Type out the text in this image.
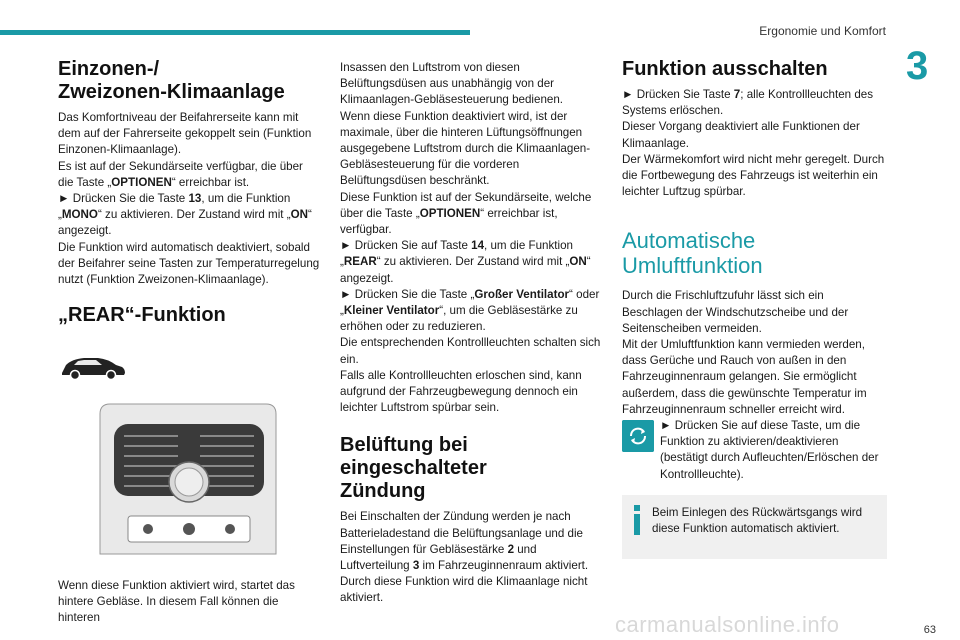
Ergonomie und Komfort
3
Einzonen-/
Zweizonen-Klimaanlage

Das Komfortniveau der Beifahrerseite kann mit dem auf der Fahrerseite gekoppelt sein (Funktion Einzonen-Klimaanlage).

Es ist auf der Sekundärseite verfügbar, die über die Taste „OPTIONEN“ erreichbar ist.

► Drücken Sie die Taste 13, um die Funktion „MONO“ zu aktivieren. Der Zustand wird mit „ON“ angezeigt.

Die Funktion wird automatisch deaktiviert, sobald der Beifahrer seine Tasten zur Temperaturregelung nutzt (Funktion Zweizonen-Klimaanlage).

„REAR“-Funktion

Wenn diese Funktion aktiviert wird, startet das hintere Gebläse. In diesem Fall können die hinteren

Insassen den Luftstrom von diesen Belüftungsdüsen aus unabhängig von der Klimaanlagen-Gebläsesteuerung bedienen.

Wenn diese Funktion deaktiviert wird, ist der maximale, über die hinteren Lüftungsöffnungen ausgegebene Luftstrom durch die Klimaanlagen-Gebläsesteuerung für die vorderen Belüftungsdüsen beschränkt.

Diese Funktion ist auf der Sekundärseite, welche über die Taste „OPTIONEN“ erreichbar ist, verfügbar.

► Drücken Sie auf Taste 14, um die Funktion „REAR“ zu aktivieren. Der Zustand wird mit „ON“ angezeigt.

► Drücken Sie die Taste „Großer Ventilator“ oder „Kleiner Ventilator“, um die Gebläsestärke zu erhöhen oder zu reduzieren.

Die entsprechenden Kontrollleuchten schalten sich ein.

Falls alle Kontrollleuchten erloschen sind, kann aufgrund der Fahrzeugbewegung dennoch ein leichter Luftstrom spürbar sein.

Belüftung bei eingeschalteter
Zündung

Bei Einschalten der Zündung werden je nach Batterieladestand die Belüftungsanlage und die Einstellungen für Gebläsestärke 2 und Luftverteilung 3 im Fahrzeuginnenraum aktiviert.

Durch diese Funktion wird die Klimaanlage nicht aktiviert.

Funktion ausschalten

► Drücken Sie Taste 7; alle Kontrollleuchten des Systems erlöschen.

Dieser Vorgang deaktiviert alle Funktionen der Klimaanlage.

Der Wärmekomfort wird nicht mehr geregelt. Durch die Fortbewegung des Fahrzeugs ist weiterhin ein leichter Luftzug spürbar.

Automatische
Umluftfunktion

Durch die Frischluftzufuhr lässt sich ein Beschlagen der Windschutzscheibe und der Seitenscheiben vermeiden.

Mit der Umluftfunktion kann vermieden werden, dass Gerüche und Rauch von außen in den Fahrzeuginnenraum gelangen. Sie ermöglicht außerdem, dass die gewünschte Temperatur im Fahrzeuginnenraum schneller erreicht wird.

► Drücken Sie auf diese Taste, um die Funktion zu aktivieren/deaktivieren (bestätigt durch Aufleuchten/Erlöschen der Kontrollleuchte).

Beim Einlegen des Rückwärtsgangs wird diese Funktion automatisch aktiviert.

carmanualsonline.info	63
